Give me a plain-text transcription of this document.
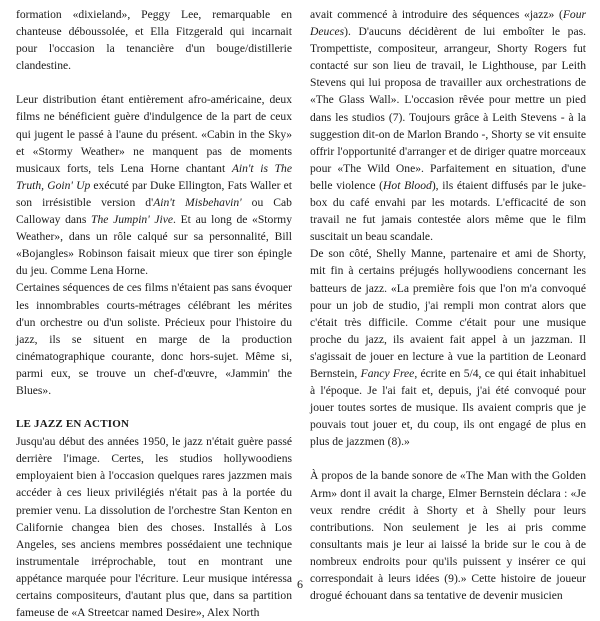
formation «dixieland», Peggy Lee, remarquable en chanteuse déboussolée, et Ella Fitzgerald qui incarnait pour l'occasion la tenancière d'un bouge/distillerie clandestine.

Leur distribution étant entièrement afro-américaine, deux films ne bénéficient guère d'indulgence de la part de ceux qui jugent le passé à l'aune du présent. «Cabin in the Sky» et «Stormy Weather» ne manquent pas de moments musicaux forts, tels Lena Horne chantant Ain't is The Truth, Goin' Up exécuté par Duke Ellington, Fats Waller et son irrésistible version d'Ain't Misbehavin' ou Cab Calloway dans The Jumpin' Jive. Et au long de «Stormy Weather», dans un rôle calqué sur sa personnalité, Bill «Bojangles» Robinson faisait mieux que tirer son épingle du jeu. Comme Lena Horne.

Certaines séquences de ces films n'étaient pas sans évoquer les innombrables courts-métrages célébrant les mérites d'un orchestre ou d'un soliste. Précieux pour l'histoire du jazz, ils se situent en marge de la production cinématographique courante, donc hors-sujet. Même si, parmi eux, se trouve un chef-d'œuvre, «Jammin' the Blues».

LE JAZZ EN ACTION

Jusqu'au début des années 1950, le jazz n'était guère passé derrière l'image. Certes, les studios hollywoodiens employaient bien à l'occasion quelques rares jazzmen mais accéder à ces lieux privilégiés n'était pas à la portée du premier venu. La dissolution de l'orchestre Stan Kenton en Californie changea bien des choses. Installés à Los Angeles, ses anciens membres possédaient une technique instrumentale irréprochable, tout en montrant une appétance marquée pour l'écriture. Leur musique intéressa certains compositeurs, d'autant plus que, dans sa partition fameuse de «A Streetcar named Desire», Alex North

avait commencé à introduire des séquences «jazz» (Four Deuces). D'aucuns décidèrent de lui emboîter le pas. Trompettiste, compositeur, arrangeur, Shorty Rogers fut contacté sur son lieu de travail, le Lighthouse, par Leith Stevens qui lui proposa de travailler aux orchestrations de «The Glass Wall». L'occasion rêvée pour mettre un pied dans les studios (7). Toujours grâce à Leith Stevens - à la suggestion dit-on de Marlon Brando -, Shorty se vit ensuite offrir l'opportunité d'arranger et de diriger quatre morceaux pour «The Wild One». Parfaitement en situation, d'une belle violence (Hot Blood), ils étaient diffusés par le juke-box du café envahi par les motards. L'efficacité de son travail ne fut jamais contestée alors même que le film suscitait un beau scandale.

De son côté, Shelly Manne, partenaire et ami de Shorty, mit fin à certains préjugés hollywoodiens concernant les batteurs de jazz. «La première fois que l'on m'a convoqué pour un job de studio, j'ai rempli mon contrat alors que c'était très difficile. Comme c'était pour une musique proche du jazz, ils avaient fait appel à un jazzman. Il s'agissait de jouer en lecture à vue la partition de Leonard Bernstein, Fancy Free, écrite en 5/4, ce qui était inhabituel à l'époque. Je l'ai fait et, depuis, j'ai été convoqué pour jouer toutes sortes de musique. Ils avaient compris que je pouvais tout jouer et, du coup, ils ont engagé de plus en plus de jazzmen (8).»

À propos de la bande sonore de «The Man with the Golden Arm» dont il avait la charge, Elmer Bernstein déclara : «Je veux rendre crédit à Shorty et à Shelly pour leurs contributions. Non seulement je les ai pris comme consultants mais je leur ai laissé la bride sur le cou à de nombreux endroits pour qu'ils puissent y insérer ce qui correspondait à leurs idées (9).» Cette histoire de joueur drogué échouant dans sa tentative de devenir musicien

6
